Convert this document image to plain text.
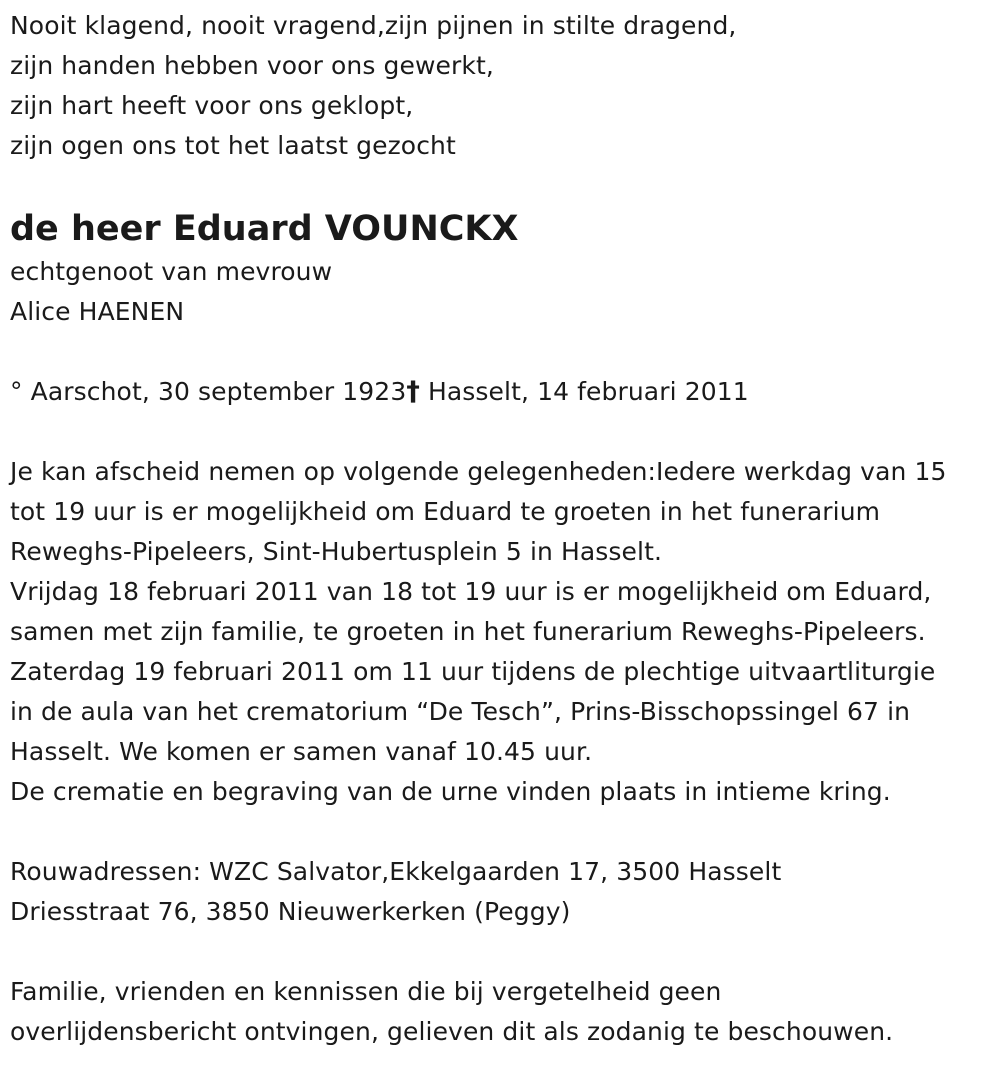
Nooit klagend, nooit vragend,zijn pijnen in stilte dragend,
zijn handen hebben voor ons gewerkt,
zijn hart heeft voor ons geklopt,
zijn ogen ons tot het laatst gezocht
de heer Eduard VOUNCKX
echtgenoot van mevrouw
Alice HAENEN
° Aarschot, 30 september 1923† Hasselt, 14 februari 2011
Je kan afscheid nemen op volgende gelegenheden:Iedere werkdag van 15
tot 19 uur is er mogelijkheid om Eduard te groeten in het funerarium
Reweghs-Pipeleers, Sint-Hubertusplein 5 in Hasselt.
Vrijdag 18 februari 2011 van 18 tot 19 uur is er mogelijkheid om Eduard,
samen met zijn familie, te groeten in het funerarium Reweghs-Pipeleers.
Zaterdag 19 februari 2011 om 11 uur tijdens de plechtige uitvaartliturgie
in de aula van het crematorium “De Tesch”, Prins-Bisschopssingel 67 in
Hasselt. We komen er samen vanaf 10.45 uur.
De crematie en begraving van de urne vinden plaats in intieme kring.
Rouwadressen: WZC Salvator,Ekkelgaarden 17, 3500 Hasselt
Driesstraat 76, 3850 Nieuwerkerken (Peggy)
Familie, vrienden en kennissen die bij vergetelheid geen
overlijdensbericht ontvingen, gelieven dit als zodanig te beschouwen.
